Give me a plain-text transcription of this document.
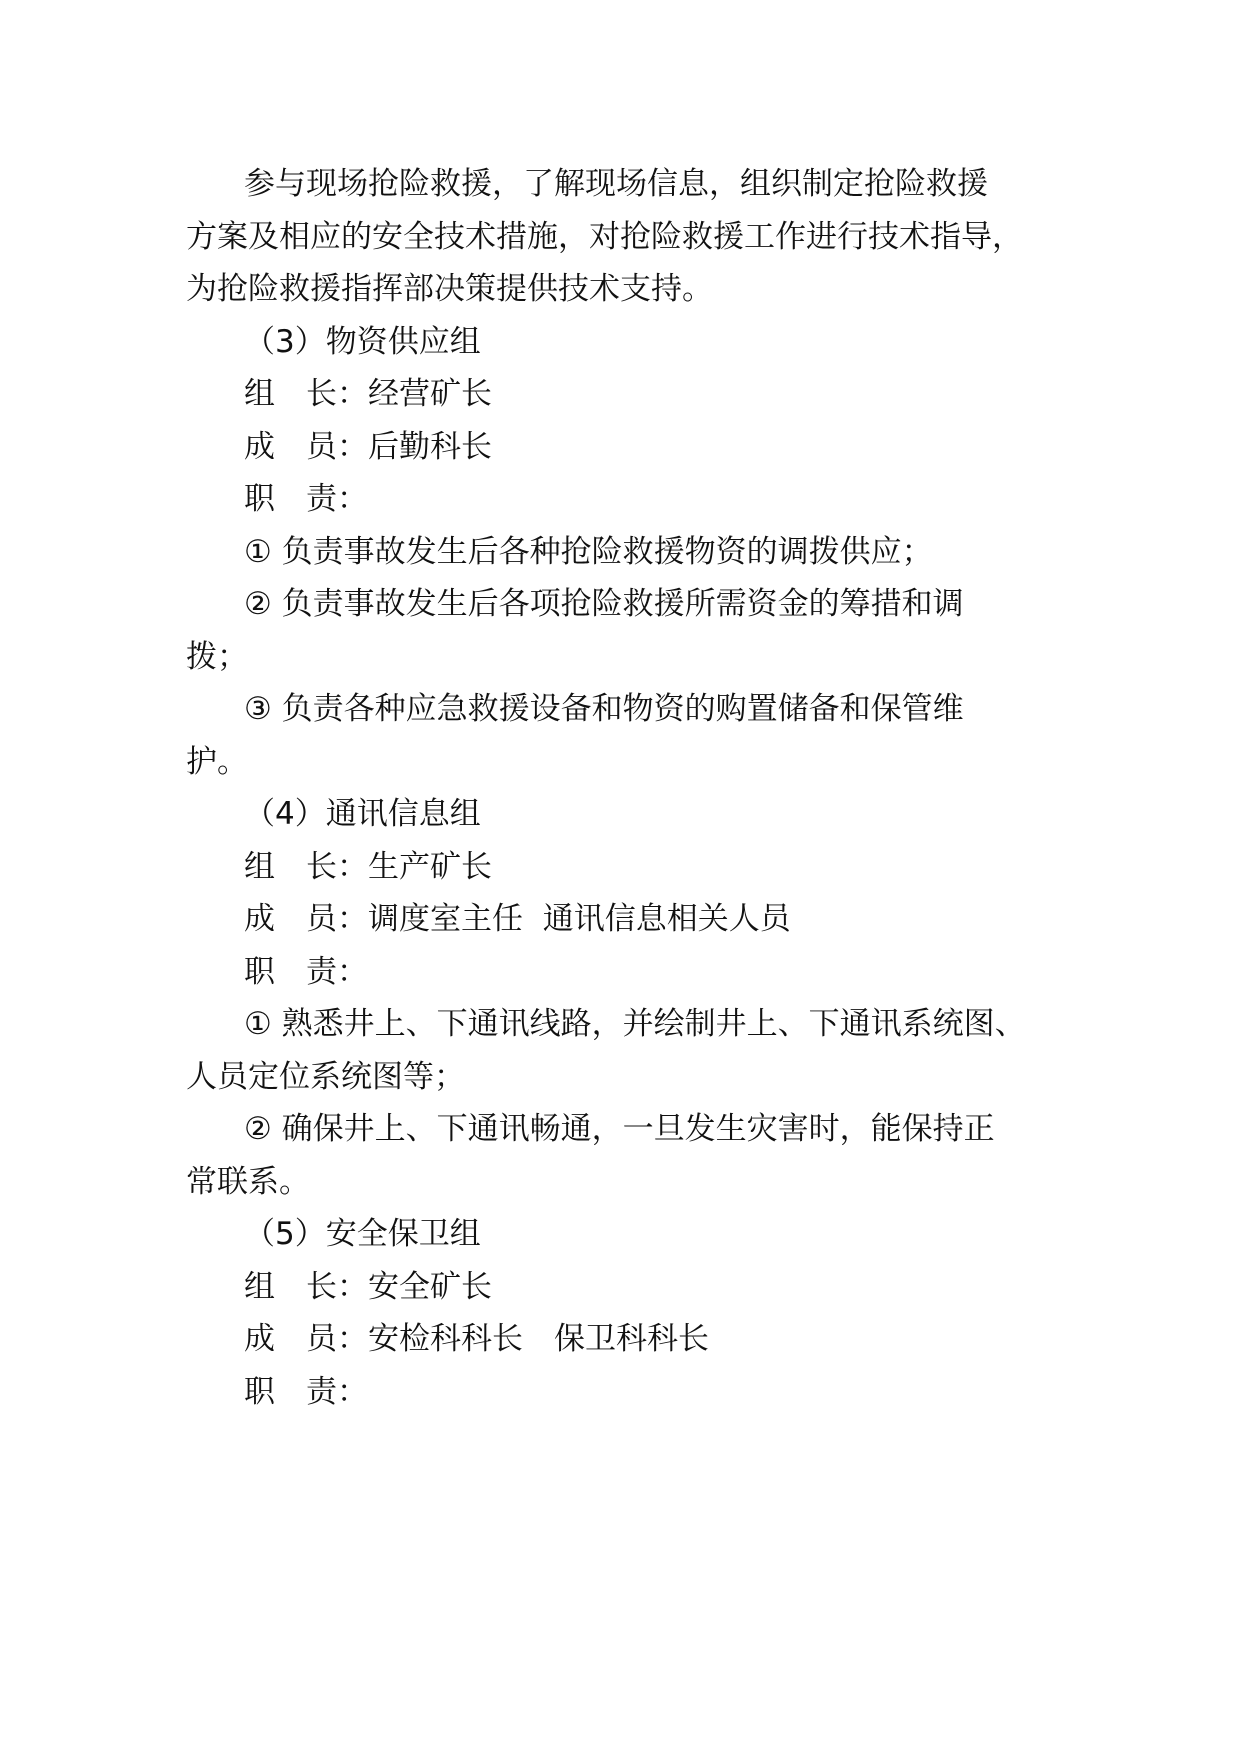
参与现场抢险救援，了解现场信息，组织制定抢险救援
方案及相应的安全技术措施，对抢险救援工作进行技术指导，
为抢险救援指挥部决策提供技术支持。
（3）物资供应组
组　长：经营矿长
成　员：后勤科长
职　责：
① 负责事故发生后各种抢险救援物资的调拨供应；
② 负责事故发生后各项抢险救援所需资金的筹措和调
拨；
③ 负责各种应急救援设备和物资的购置储备和保管维
护。
（4）通讯信息组
组　长：生产矿长
成　员：调度室主任  通讯信息相关人员
职　责：
① 熟悉井上、下通讯线路，并绘制井上、下通讯系统图、
人员定位系统图等；
② 确保井上、下通讯畅通，一旦发生灾害时，能保持正
常联系。
（5）安全保卫组
组　长：安全矿长
成　员：安检科科长　保卫科科长
职　责：
